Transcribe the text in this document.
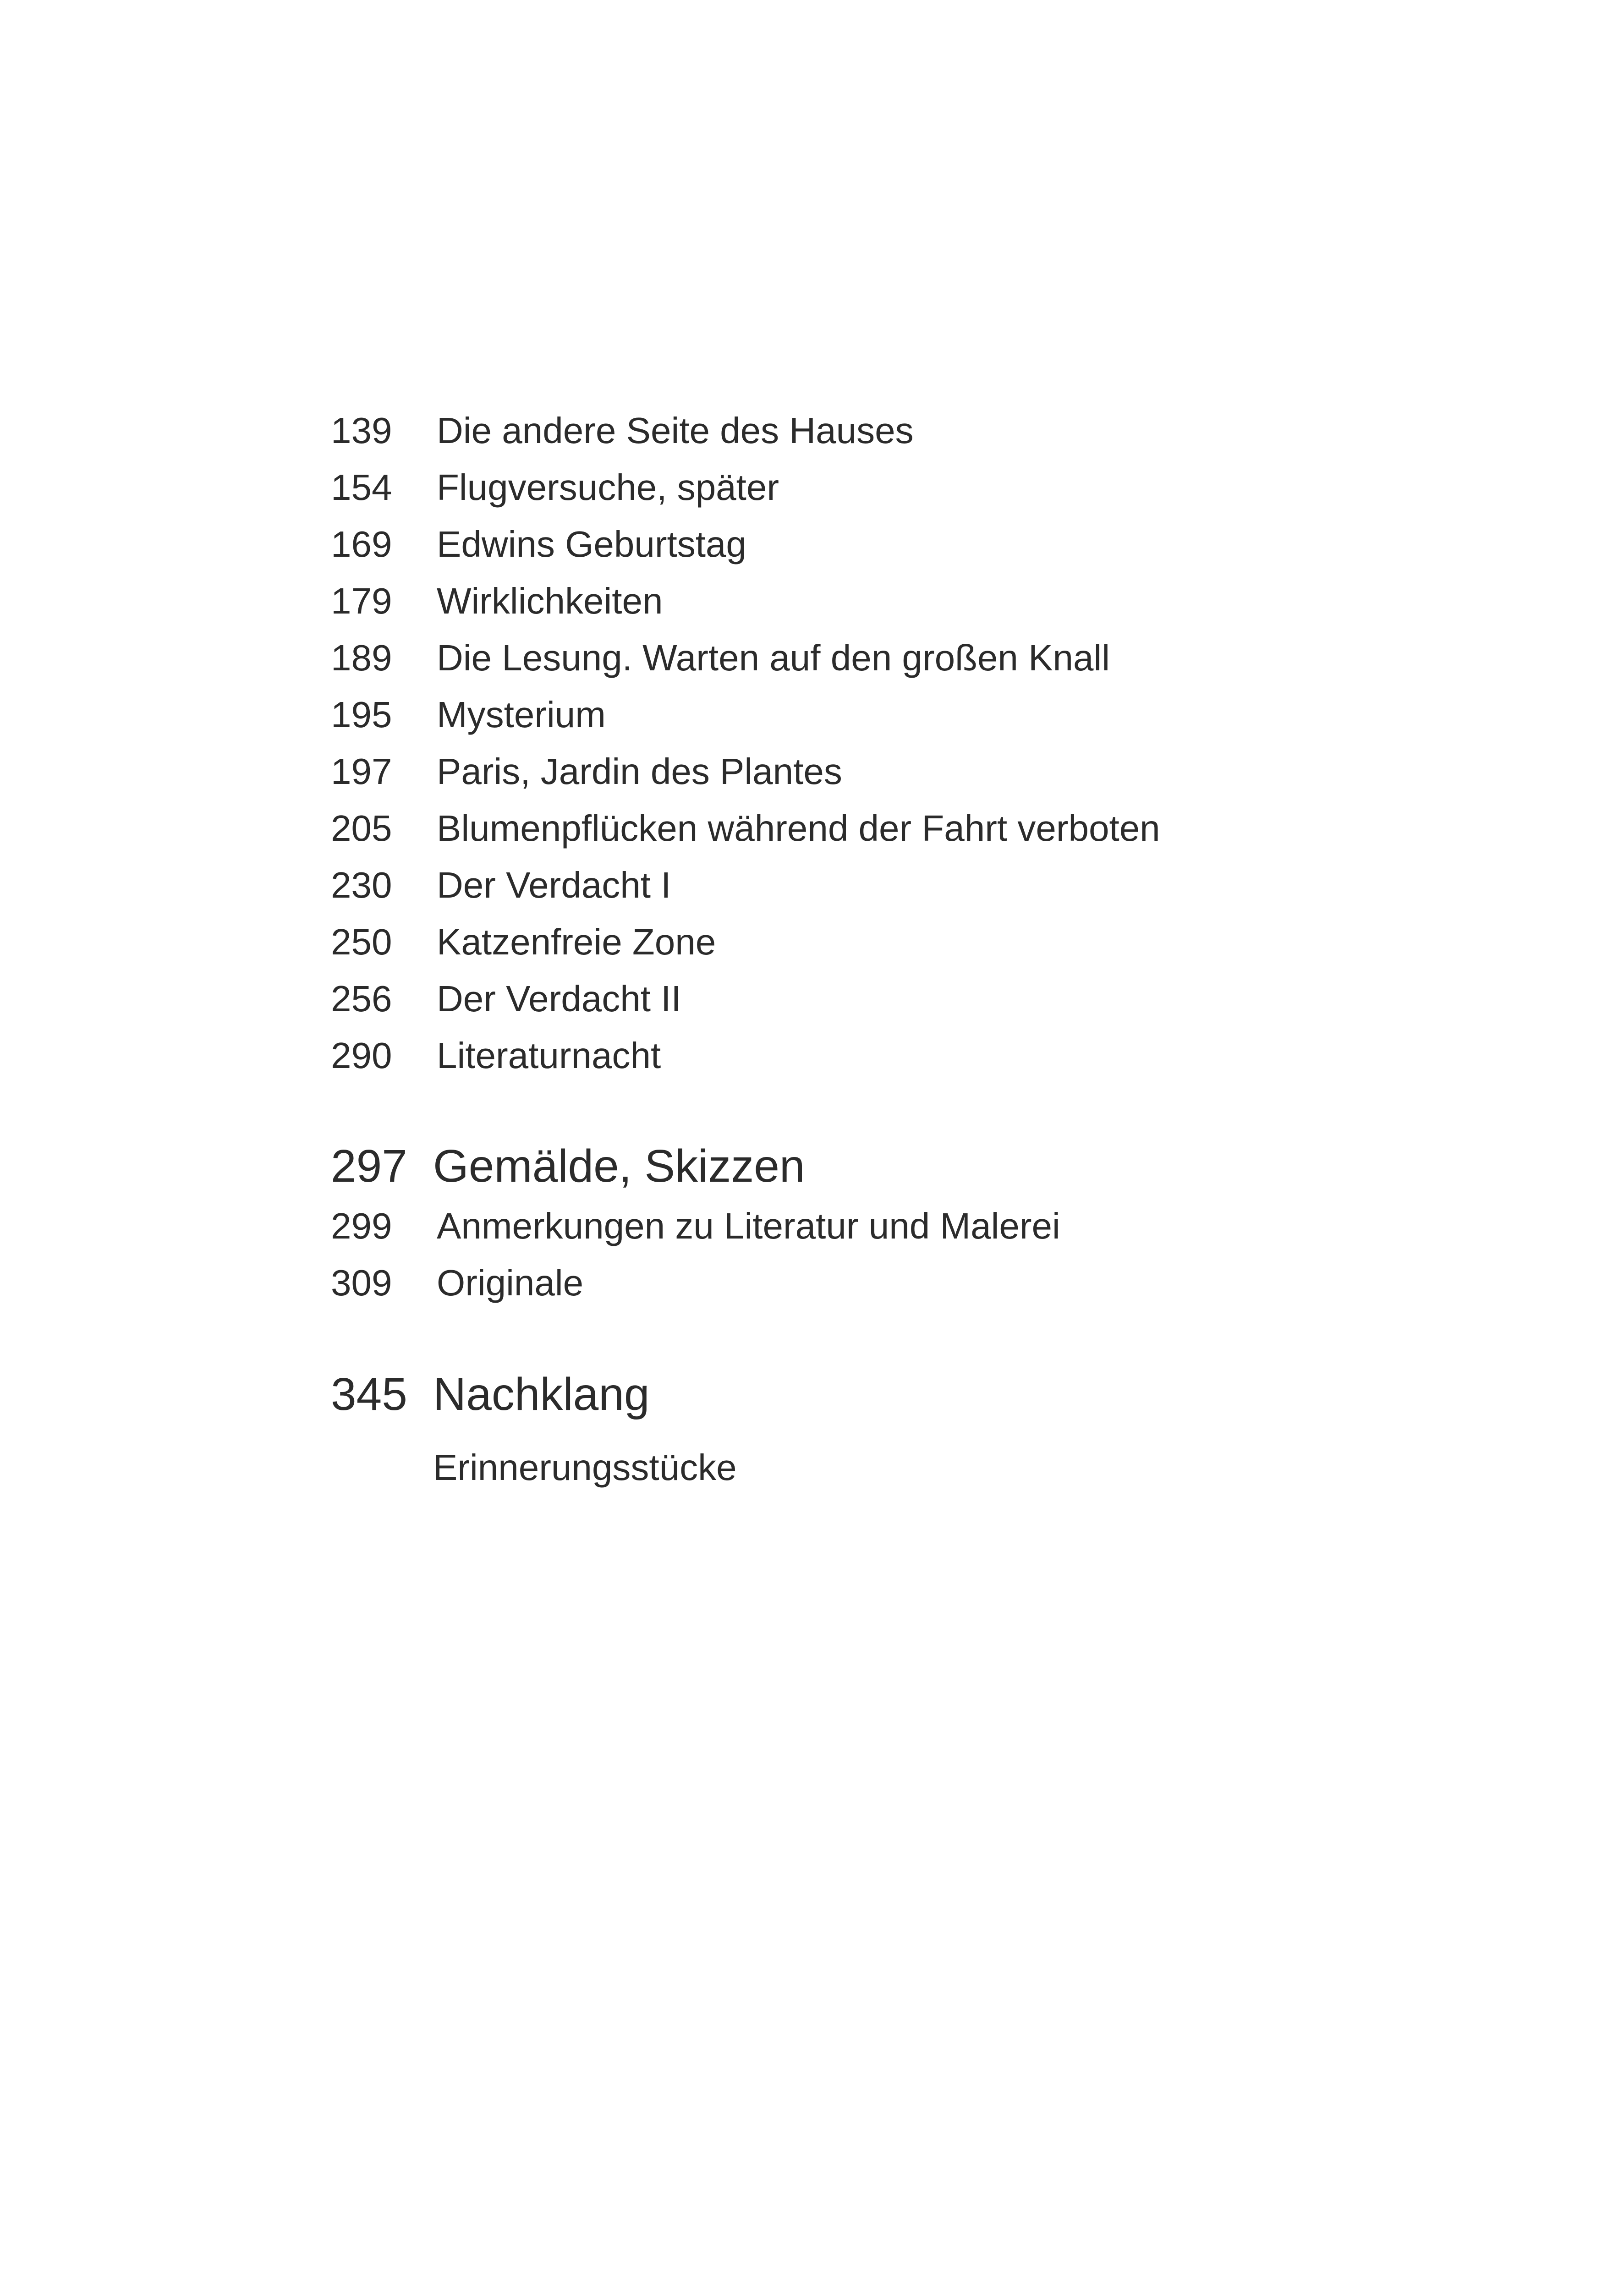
139 Die andere Seite des Hauses
154 Flugversuche, später
169 Edwins Geburtstag
179 Wirklichkeiten
189 Die Lesung. Warten auf den großen Knall
195 Mysterium
197 Paris, Jardin des Plantes
205 Blumenpflücken während der Fahrt verboten
230 Der Verdacht I
250 Katzenfreie Zone
256 Der Verdacht II
290 Literaturnacht
297 Gemälde, Skizzen
299 Anmerkungen zu Literatur und Malerei
309 Originale
345 Nachklang
Erinnerungsstücke
